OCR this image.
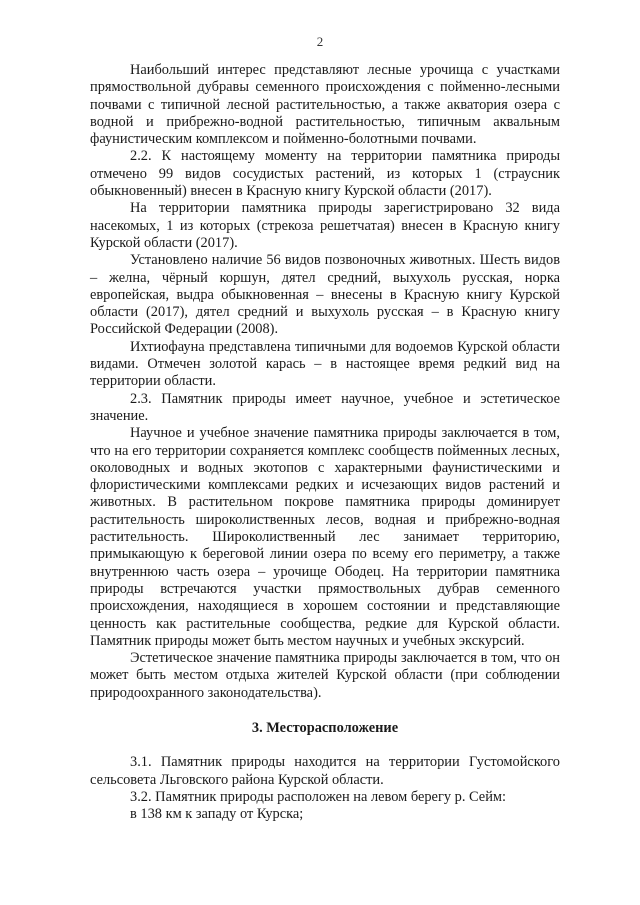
2

Наибольший интерес представляют лесные урочища с участками прямоствольной дубравы семенного происхождения с пойменно-лесными почвами с типичной лесной растительностью, а также акватория озера с водной и прибрежно-водной растительностью, типичным аквальным фаунистическим комплексом и пойменно-болотными почвами.

2.2. К настоящему моменту на территории памятника природы отмечено 99 видов сосудистых растений, из которых 1 (страусник обыкновенный) внесен в Красную книгу Курской области (2017).

На территории памятника природы зарегистрировано 32 вида насекомых, 1 из которых (стрекоза решетчатая) внесен в Красную книгу Курской области (2017).

Установлено наличие 56 видов позвоночных животных. Шесть видов – желна, чёрный коршун, дятел средний, выхухоль русская, норка европейская, выдра обыкновенная – внесены в Красную книгу Курской области (2017), дятел средний и выхухоль русская – в Красную книгу Российской Федерации (2008).

Ихтиофауна представлена типичными для водоемов Курской области видами. Отмечен золотой карась – в настоящее время редкий вид на территории области.

2.3. Памятник природы имеет научное, учебное и эстетическое значение.

Научное и учебное значение памятника природы заключается в том, что на его территории сохраняется комплекс сообществ пойменных лесных, околоводных и водных экотопов с характерными фаунистическими и флористическими комплексами редких и исчезающих видов растений и животных. В растительном покрове памятника природы доминирует растительность широколиственных лесов, водная и прибрежно-водная растительность. Широколиственный лес занимает территорию, примыкающую к береговой линии озера по всему его периметру, а также внутреннюю часть озера – урочище Ободец. На территории памятника природы встречаются участки прямоствольных дубрав семенного происхождения, находящиеся в хорошем состоянии и представляющие ценность как растительные сообщества, редкие для Курской области. Памятник природы может быть местом научных и учебных экскурсий.

Эстетическое значение памятника природы заключается в том, что он может быть местом отдыха жителей Курской области (при соблюдении природоохранного законодательства).

3. Месторасположение

3.1. Памятник природы находится на территории Густомойского сельсовета Льговского района Курской области.

3.2. Памятник природы расположен на левом берегу р. Сейм:

в 138 км к западу от Курска;
